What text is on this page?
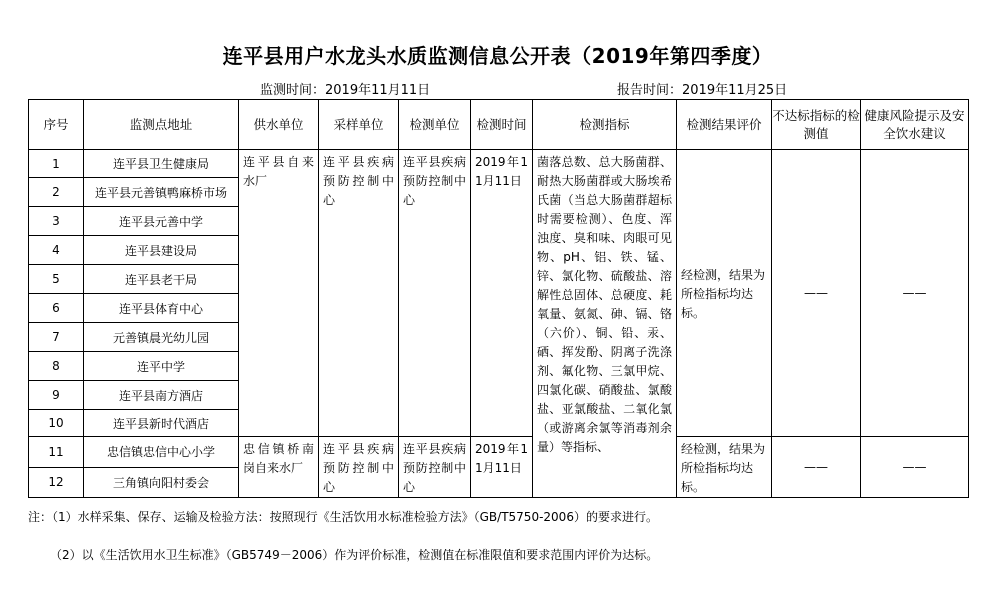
连平县用户水龙头水质监测信息公开表（2019年第四季度）
监测时间：2019年11月11日	报告时间：2019年11月25日
序号	监测点地址	供水单位	采样单位	检测单位	检测时间	检测指标	检测结果评价	不达标指标的检测值	健康风险提示及安全饮水建议
1	连平县卫生健康局	连平县自来水厂	连平县疾病预防控制中心	连平县疾病预防控制中心	2019年11月11日	菌落总数、总大肠菌群、耐热大肠菌群或大肠埃希氏菌（当总大肠菌群超标时需要检测）、色度、浑浊度、臭和味、肉眼可见物、pH、铝、铁、锰、锌、氯化物、硫酸盐、溶解性总固体、总硬度、耗氧量、氨氮、砷、镉、铬（六价）、铜、铅、汞、硒、挥发酚、阴离子洗涤剂、氟化物、三氯甲烷、四氯化碳、硝酸盐、氯酸盐、亚氯酸盐、二氧化氯（或游离余氯等消毒剂余量）等指标、	经检测，结果为所检指标均达标。	——	——
2	连平县元善镇鸭麻桥市场								
3	连平县元善中学								
4	连平县建设局								
5	连平县老干局								
6	连平县体育中心								
7	元善镇晨光幼儿园								
8	连平中学								
9	连平县南方酒店								
10	连平县新时代酒店								
11	忠信镇忠信中心小学	忠信镇桥南岗自来水厂	连平县疾病预防控制中心	连平县疾病预防控制中心	2019年11月11日		经检测，结果为所检指标均达标。	——	——
12	三角镇向阳村委会								
注：（1）水样采集、保存、运输及检验方法：按照现行《生活饮用水标准检验方法》（GB/T5750-2006）的要求进行。
（2）以《生活饮用水卫生标准》（GB5749－2006）作为评价标准，检测值在标准限值和要求范围内评价为达标。
